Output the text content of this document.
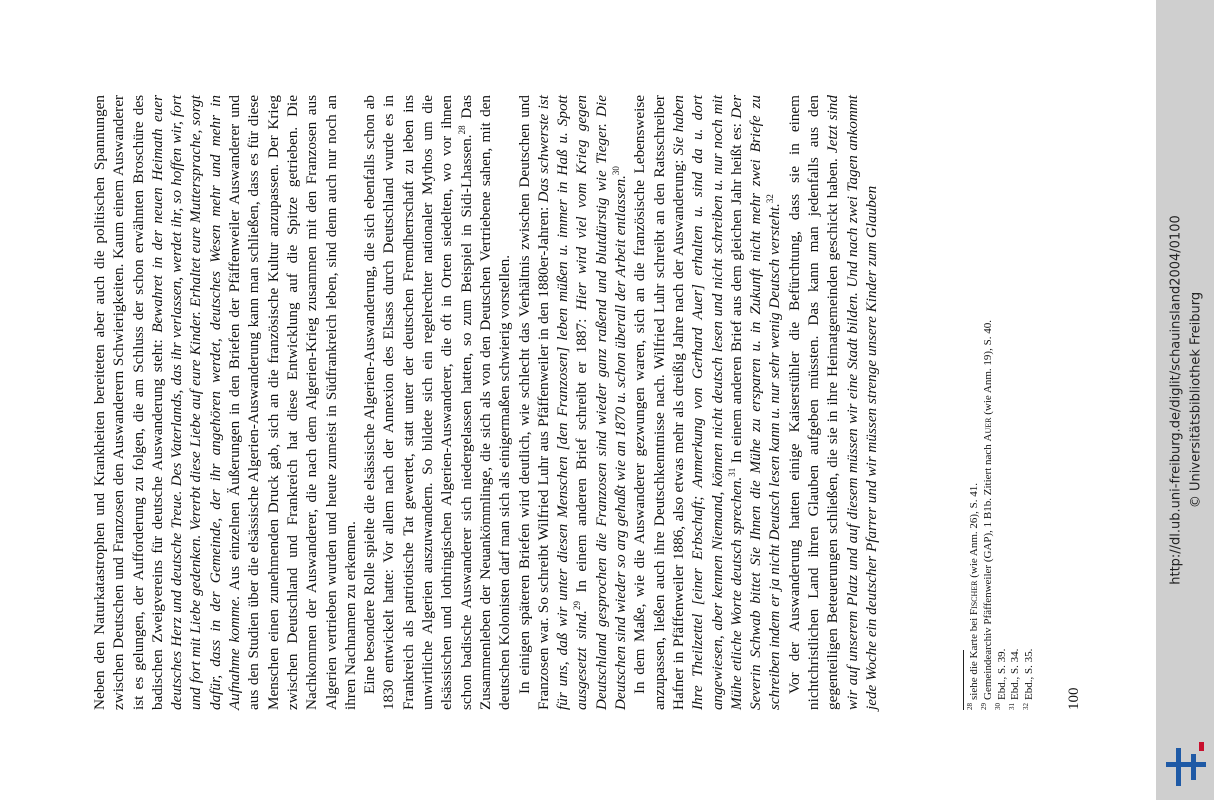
Neben den Naturkatastrophen und Krankheiten bereiteten aber auch die politischen Spannungen zwischen Deutschen und Franzosen den Auswanderern Schwierigkeiten. Kaum einem Auswanderer ist es gelungen, der Aufforderung zu folgen, die am Schluss der schon erwähnten Broschüre des badischen Zweigvereins für deutsche Auswanderung steht: Bewahret in der neuen Heimath euer deutsches Herz und deutsche Treue. Des Vaterlands, das ihr verlassen, werdet ihr, so hoffen wir, fort und fort mit Liebe gedenken. Vererbt diese Liebe auf eure Kinder. Erhaltet eure Muttersprache, sorgt dafür, dass in der Gemeinde, der ihr angehören werdet, deutsches Wesen mehr und mehr in Aufnahme komme. Aus einzelnen Äußerungen in den Briefen der Pfäffenweiler Auswanderer und aus den Studien über die elsässische Algerien-Auswanderung kann man schließen, dass es für diese Menschen einen zunehmenden Druck gab, sich an die französische Kultur anzupassen. Der Krieg zwischen Deutschland und Frankreich hat diese Entwicklung auf die Spitze getrieben. Die Nachkommen der Auswanderer, die nach dem Algerien-Krieg zusammen mit den Franzosen aus Algerien vertrieben wurden und heute zumeist in Südfrankreich leben, sind denn auch nur noch an ihren Nachnamen zu erkennen. Eine besondere Rolle spielte die elsässische Algerien-Auswanderung, die sich ebenfalls schon ab 1830 entwickelt hatte: Vor allem nach der Annexion des Elsass durch Deutschland wurde es in Frankreich als patriotische Tat gewertet, statt unter der deutschen Fremdherrschaft zu leben ins unwirtliche Algerien auszuwandern. So bildete sich ein regelrechter nationaler Mythos um die elsässischen und lothringischen Algerien-Auswanderer, die oft in Orten siedelten, wo vor ihnen schon badische Auswanderer sich niedergelassen hatten, so zum Beispiel in Sidi-Lhassen.$^{28}$ Das Zusammenleben der Neuankömmlinge, die sich als von den Deutschen Vertriebene sahen, mit den deutschen Kolonisten darf man sich als einigermaßen schwierig vorstellen. In einigen späteren Briefen wird deutlich, wie schlecht das Verhältnis zwischen Deutschen und Franzosen war. So schreibt Wilfried Luhr aus Pfäffenweiler in den 1880er-Jahren: Das schwerste ist für uns, daß wir unter diesen Menschen [den Franzosen] leben müßen u. immer in Haß u. Spott ausgesetzt sind.$^{29}$ In einem anderen Brief schreibt er 1887: Hier wird viel vom Krieg gegen Deutschland gesprochen die Franzosen sind wieder ganz raßend und blutdürstig wie Tieger. Die Deutschen sind wieder so arg gehaßt wie an 1870 u. schon überall der Arbeit entlassen.$^{30}$ In dem Maße, wie die Auswanderer gezwungen waren, sich an die französische Lebensweise anzupassen, ließen auch ihre Deutschkenntnisse nach. Wilfried Luhr schreibt an den Ratsschreiber Hafner in Pfäffenweiler 1886, also etwas mehr als dreißig Jahre nach der Auswanderung: Sie haben Ihre Theilzettel [einer Erbschaft; Anmerkung von Gerhard Auer] erhalten u. sind da u. dort angewiesen, aber kennen Niemand, können nicht deutsch lesen und nicht schreiben u. nur noch mit Mühe etliche Worte deutsch sprechen.$^{31}$ In einem anderen Brief aus dem gleichen Jahr heißt es: Der Severin Schwab bittet Sie Ihnen die Mühe zu ersparen u. in Zukunft nicht mehr zwei Briefe zu schreiben indem er ja nicht Deutsch lesen kann u. nur sehr wenig Deutsch versteht.$^{32}$ Vor der Auswanderung hatten einige Kaiserstühler die Befürchtung, dass sie in einem nichtchristlichen Land ihren Glauben aufgeben müssten. Das kann man jedenfalls aus den gegenteiligen Beteuerungen schließen, die sie in ihre Heimatgemeinden geschickt haben. Jetzt sind wir auf unserem Platz und auf diesem müssen wir eine Stadt bilden. Und nach zwei Tagen ankommt jede Woche ein deutscher Pfarrer und wir müssen strenge unsere Kinder zum Glauben	$^{28}$siehe die Karte bei Fischer (wie Anm. 26), S. 41.

$^{29}$Gemeindearchiv Pfäffenweiler (GAP), 1 B1b. Zitiert nach Auer (wie Anm. 19), S. 40.

$^{30}$Ebd., S. 39.

$^{31}$Ebd., S. 34.

$^{32}$Ebd., S. 35. 100
http://dl.ub.uni-freiburg.de/diglit/schauinsland2004/0100 © Universitätsbibliothek Freiburg
